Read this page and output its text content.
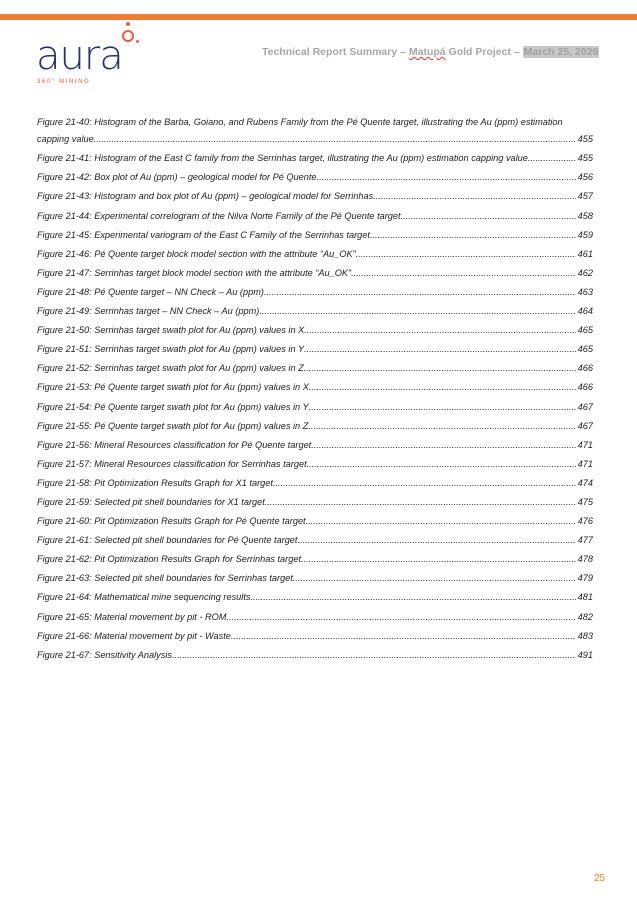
aura
360° MINING
Technical Report Summary – Matupá Gold Project – March 25, 2026
Figure 21-40: Histogram of the Barba, Goiano, and Rubens Family from the Pé Quente target, illustrating the Au (ppm) estimation capping value .....	455
Figure 21-41: Histogram of the East C family from the Serrinhas target, illustrating the Au (ppm) estimation capping value .....	455
Figure 21-42: Box plot of Au (ppm) – geological model for Pé Quente .....	456
Figure 21-43: Histogram and box plot of Au (ppm) – geological model for Serrinhas .....	457
Figure 21-44: Experimental correlogram of the Nilva Norte Family of the Pé Quente target .....	458
Figure 21-45: Experimental variogram of the East C Family of the Serrinhas target .....	459
Figure 21-46: Pé Quente target block model section with the attribute “Au_OK” .....	461
Figure 21-47: Serrinhas target block model section with the attribute “Au_OK” .....	462
Figure 21-48: Pé Quente target – NN Check – Au (ppm) .....	463
Figure 21-49: Serrinhas target – NN Check – Au (ppm) .....	464
Figure 21-50: Serrinhas target swath plot for Au (ppm) values in X .....	465
Figure 21-51: Serrinhas target swath plot for Au (ppm) values in Y .....	465
Figure 21-52: Serrinhas target swath plot for Au (ppm) values in Z .....	466
Figure 21-53: Pé Quente target swath plot for Au (ppm) values in X .....	466
Figure 21-54: Pé Quente target swath plot for Au (ppm) values in Y .....	467
Figure 21-55: Pé Quente target swath plot for Au (ppm) values in Z .....	467
Figure 21-56: Mineral Resources classification for Pé Quente target .....	471
Figure 21-57: Mineral Resources classification for Serrinhas target .....	471
Figure 21-58: Pit Optimization Results Graph for X1 target .....	474
Figure 21-59: Selected pit shell boundaries for X1 target .....	475
Figure 21-60: Pit Optimization Results Graph for Pé Quente target .....	476
Figure 21-61: Selected pit shell boundaries for Pé Quente target .....	477
Figure 21-62: Pit Optimization Results Graph for Serrinhas target .....	478
Figure 21-63: Selected pit shell boundaries for Serrinhas target .....	479
Figure 21-64: Mathematical mine sequencing results. .....	481
Figure 21-65: Material movement by pit - ROM .....	482
Figure 21-66: Material movement by pit - Waste .....	483
Figure 21-67: Sensitivity Analysis. .....	491
25
